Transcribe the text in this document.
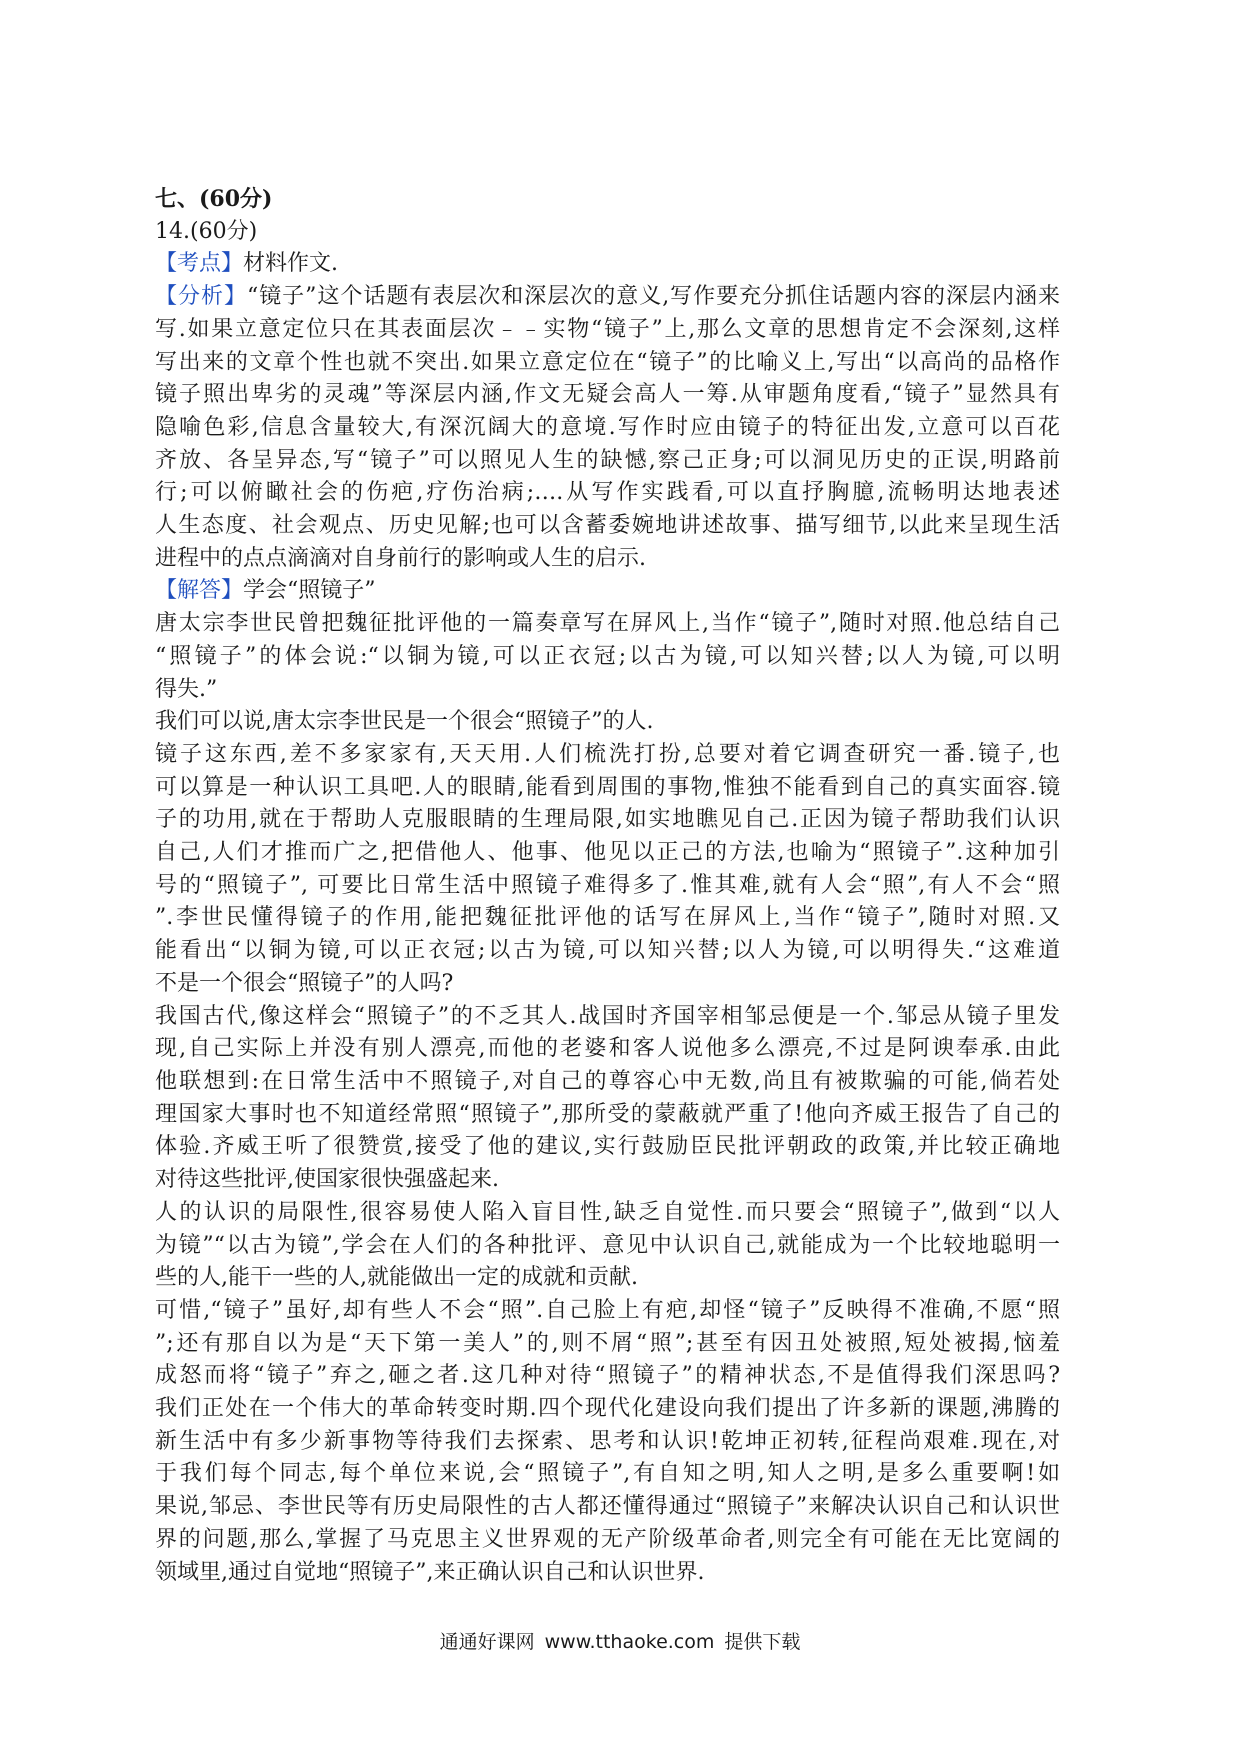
七、(60分)
14.(60分)
【考点】材料作文.
【分析】“镜子”这个话题有表层次和深层次的意义,写作要充分抓住话题内容的深层内涵来
写.如果立意定位只在其表面层次﹣﹣实物“镜子”上,那么文章的思想肯定不会深刻,这样
写出来的文章个性也就不突出.如果立意定位在“镜子”的比喻义上,写出“以高尚的品格作
镜子照出卑劣的灵魂”等深层内涵,作文无疑会高人一筹.从审题角度看,“镜子”显然具有
隐喻色彩,信息含量较大,有深沉阔大的意境.写作时应由镜子的特征出发,立意可以百花
齐放、各呈异态,写“镜子”可以照见人生的缺憾,察己正身;可以洞见历史的正误,明路前
行;可以俯瞰社会的伤疤,疗伤治病;….从写作实践看,可以直抒胸臆,流畅明达地表述
人生态度、社会观点、历史见解;也可以含蓄委婉地讲述故事、描写细节,以此来呈现生活
进程中的点点滴滴对自身前行的影响或人生的启示.
【解答】学会“照镜子”
唐太宗李世民曾把魏征批评他的一篇奏章写在屏风上,当作“镜子”,随时对照.他总结自己
“照镜子”的体会说:“以铜为镜,可以正衣冠;以古为镜,可以知兴替;以人为镜,可以明
得失.”
我们可以说,唐太宗李世民是一个很会“照镜子”的人.
镜子这东西,差不多家家有,天天用.人们梳洗打扮,总要对着它调查研究一番.镜子,也
可以算是一种认识工具吧.人的眼睛,能看到周围的事物,惟独不能看到自己的真实面容.镜
子的功用,就在于帮助人克服眼睛的生理局限,如实地瞧见自己.正因为镜子帮助我们认识
自己,人们才推而广之,把借他人、他事、他见以正己的方法,也喻为“照镜子”.这种加引
号的“照镜子”, 可要比日常生活中照镜子难得多了.惟其难,就有人会“照”,有人不会“照
”.李世民懂得镜子的作用,能把魏征批评他的话写在屏风上,当作“镜子”,随时对照.又
能看出“以铜为镜,可以正衣冠;以古为镜,可以知兴替;以人为镜,可以明得失.“这难道
不是一个很会“照镜子”的人吗?
我国古代,像这样会“照镜子”的不乏其人.战国时齐国宰相邹忌便是一个.邹忌从镜子里发
现,自己实际上并没有别人漂亮,而他的老婆和客人说他多么漂亮,不过是阿谀奉承.由此
他联想到:在日常生活中不照镜子,对自己的尊容心中无数,尚且有被欺骗的可能,倘若处
理国家大事时也不知道经常照“照镜子”,那所受的蒙蔽就严重了!他向齐威王报告了自己的
体验.齐威王听了很赞赏,接受了他的建议,实行鼓励臣民批评朝政的政策,并比较正确地
对待这些批评,使国家很快强盛起来.
人的认识的局限性,很容易使人陷入盲目性,缺乏自觉性.而只要会“照镜子”,做到“以人
为镜”“以古为镜”,学会在人们的各种批评、意见中认识自己,就能成为一个比较地聪明一
些的人,能干一些的人,就能做出一定的成就和贡献.
可惜,“镜子”虽好,却有些人不会“照”.自己脸上有疤,却怪“镜子”反映得不准确,不愿“照
”;还有那自以为是“天下第一美人”的,则不屑“照”;甚至有因丑处被照,短处被揭,恼羞
成怒而将“镜子”弃之,砸之者.这几种对待“照镜子”的精神状态,不是值得我们深思吗?
我们正处在一个伟大的革命转变时期.四个现代化建设向我们提出了许多新的课题,沸腾的
新生活中有多少新事物等待我们去探索、思考和认识!乾坤正初转,征程尚艰难.现在,对
于我们每个同志,每个单位来说,会“照镜子”,有自知之明,知人之明,是多么重要啊!如
果说,邹忌、李世民等有历史局限性的古人都还懂得通过“照镜子”来解决认识自己和认识世
界的问题,那么,掌握了马克思主义世界观的无产阶级革命者,则完全有可能在无比宽阔的
领域里,通过自觉地“照镜子”,来正确认识自己和认识世界.
通通好课网 www.tthaoke.com 提供下载
